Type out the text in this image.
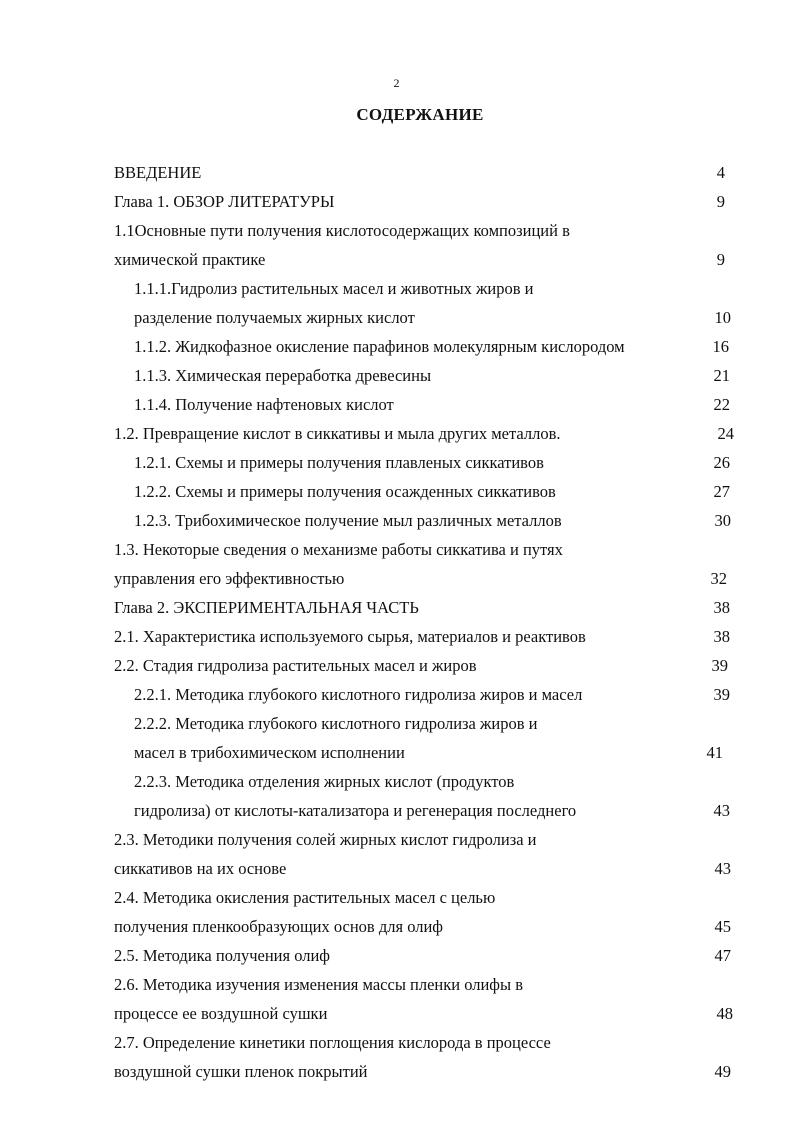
2
СОДЕРЖАНИЕ
ВВЕДЕНИЕ	4
Глава 1. ОБЗОР ЛИТЕРАТУРЫ	9
1.1Основные пути получения кислотосодержащих композиций в
химической практике	9
1.1.1.Гидролиз растительных масел и животных жиров и
разделение получаемых жирных кислот	10
1.1.2. Жидкофазное окисление парафинов молекулярным кислородом	16
1.1.3. Химическая переработка древесины	21
1.1.4. Получение нафтеновых кислот	22
1.2. Превращение кислот в сиккативы и мыла других металлов.	24
1.2.1. Схемы и примеры получения плавленых сиккативов	26
1.2.2. Схемы и примеры получения осажденных сиккативов	27
1.2.3. Трибохимическое получение мыл различных металлов	30
1.3. Некоторые сведения о механизме работы сиккатива и путях
управления его эффективностью	32
Глава 2. ЭКСПЕРИМЕНТАЛЬНАЯ ЧАСТЬ	38
2.1. Характеристика используемого сырья, материалов и реактивов	38
2.2. Стадия гидролиза растительных масел и жиров	39
2.2.1. Методика глубокого кислотного гидролиза жиров и масел	39
2.2.2. Методика глубокого кислотного гидролиза жиров и
масел в трибохимическом исполнении	41
2.2.3. Методика отделения жирных кислот (продуктов
гидролиза) от кислоты-катализатора и регенерация последнего	43
2.3. Методики получения солей жирных кислот гидролиза и
сиккативов на их основе	43
2.4. Методика окисления растительных масел с целью
получения пленкообразующих основ для олиф	45
2.5. Методика получения олиф	47
2.6. Методика изучения изменения массы пленки олифы в
процессе ее воздушной сушки	48
2.7. Определение кинетики поглощения кислорода в процессе
воздушной сушки пленок покрытий	49
